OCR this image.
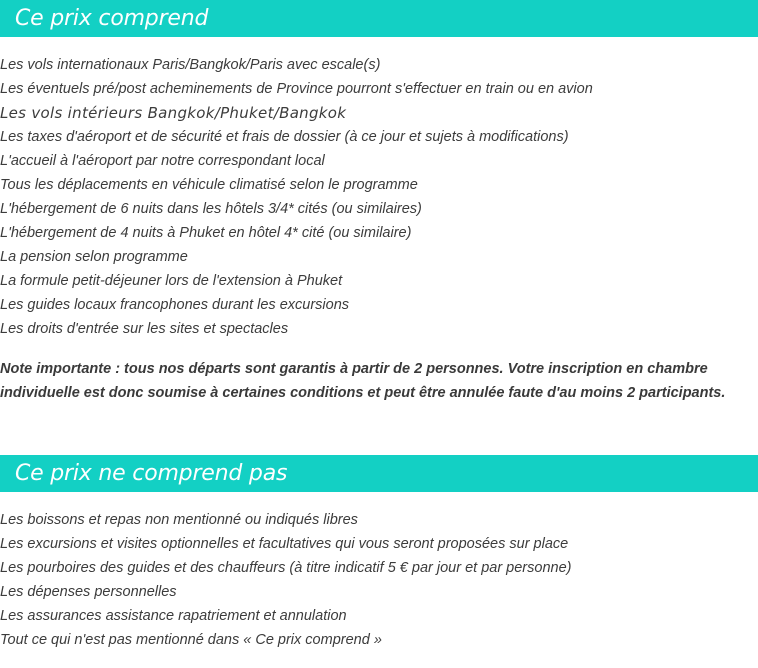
Ce prix comprend
Les vols internationaux Paris/Bangkok/Paris avec escale(s)
Les éventuels pré/post acheminements de Province pourront s'effectuer en train ou en avion
Les vols intérieurs Bangkok/Phuket/Bangkok
Les taxes d'aéroport et de sécurité et frais de dossier (à ce jour et sujets à modifications)
L'accueil à l'aéroport par notre correspondant local
Tous les déplacements en véhicule climatisé selon le programme
L'hébergement de 6 nuits dans les hôtels 3/4* cités (ou similaires)
L'hébergement de 4 nuits à Phuket en hôtel 4* cité (ou similaire)
La pension selon programme
La formule petit-déjeuner lors de l'extension à Phuket
Les guides locaux francophones durant les excursions
Les droits d'entrée sur les sites et spectacles

Note importante : tous nos départs sont garantis à partir de 2 personnes. Votre inscription en chambre individuelle est donc soumise à certaines conditions et peut être annulée faute d'au moins 2 participants.

Ce prix ne comprend pas
Les boissons et repas non mentionné ou indiqués libres
Les excursions et visites optionnelles et facultatives qui vous seront proposées sur place
Les pourboires des guides et des chauffeurs (à titre indicatif 5 € par jour et par personne)
Les dépenses personnelles
Les assurances assistance rapatriement et annulation
Tout ce qui n'est pas mentionné dans « Ce prix comprend »
